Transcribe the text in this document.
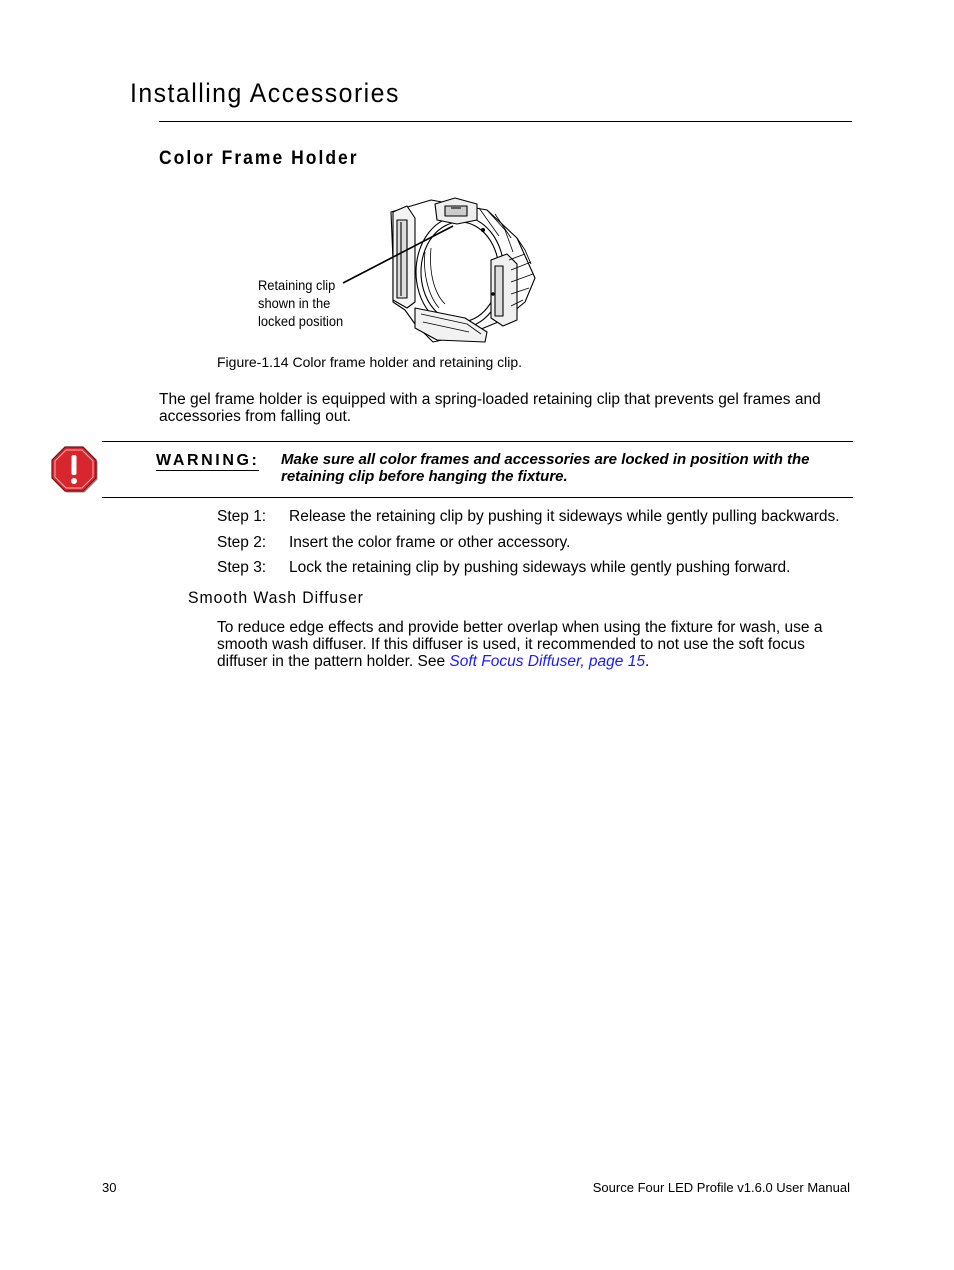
Installing Accessories
Color Frame Holder
Retaining clip
shown in the
locked position
Figure-1.14 Color frame holder and retaining clip.

The gel frame holder is equipped with a spring-loaded retaining clip that prevents gel frames and accessories from falling out.

WARNING: Make sure all color frames and accessories are locked in position with the retaining clip before hanging the fixture.
Step 1:	Release the retaining clip by pushing it sideways while gently pulling backwards.
Step 2:	Insert the color frame or other accessory.
Step 3:	Lock the retaining clip by pushing sideways while gently pushing forward.
Smooth Wash Diffuser

To reduce edge effects and provide better overlap when using the fixture for wash, use a smooth wash diffuser. If this diffuser is used, it recommended to not use the soft focus diffuser in the pattern holder. See Soft Focus Diffuser, page 15.

30	Source Four LED Profile v1.6.0 User Manual
